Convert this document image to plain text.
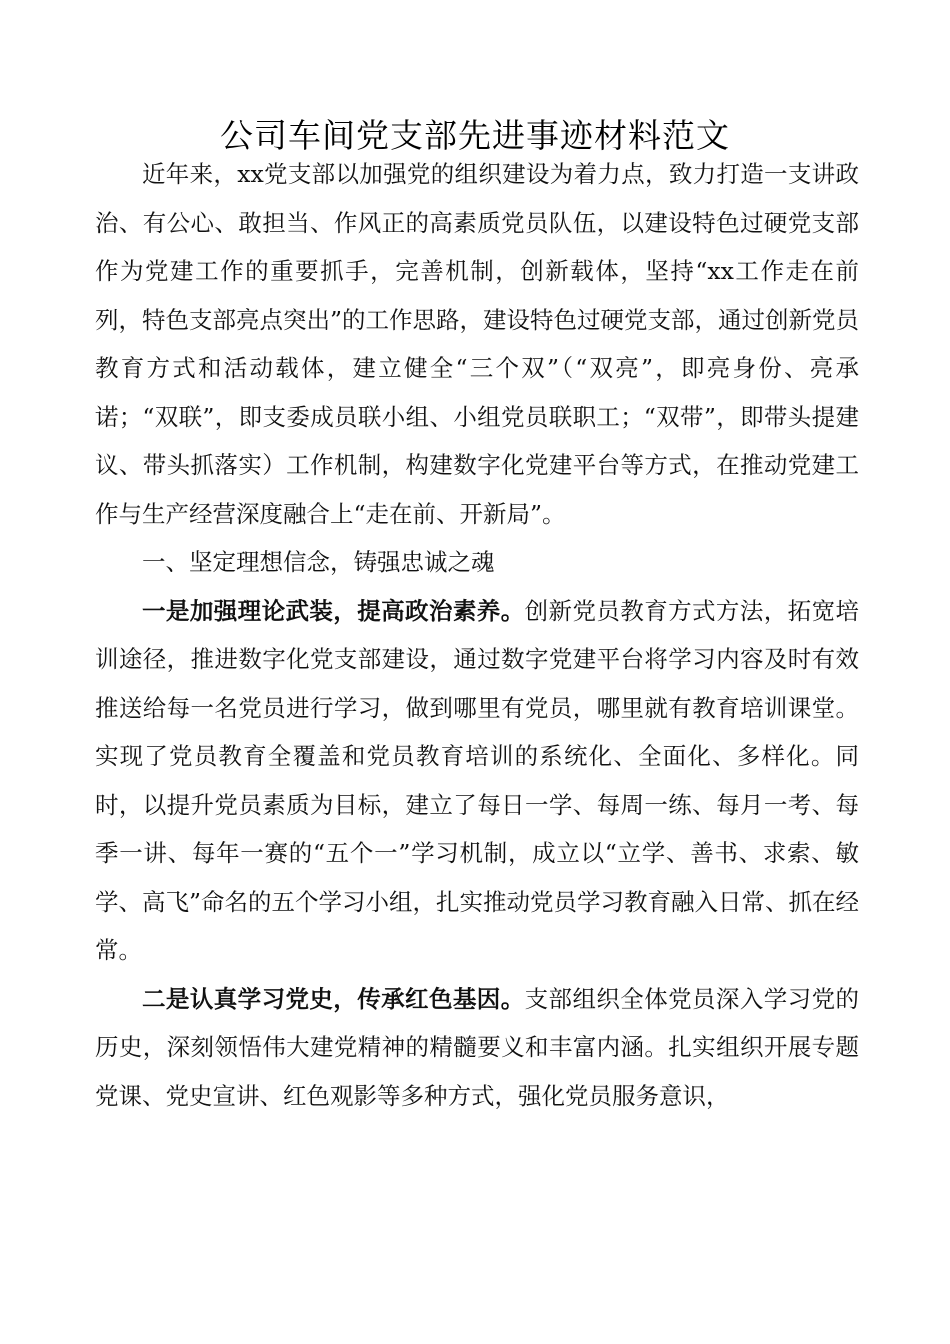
公司车间党支部先进事迹材料范文

近年来，xx党支部以加强党的组织建设为着力点，致力打造一支讲政治、有公心、敢担当、作风正的高素质党员队伍，以建设特色过硬党支部作为党建工作的重要抓手，完善机制，创新载体，坚持“xx工作走在前列，特色支部亮点突出”的工作思路，建设特色过硬党支部，通过创新党员教育方式和活动载体，建立健全“三个双”（“双亮”，即亮身份、亮承诺；“双联”，即支委成员联小组、小组党员联职工；“双带”，即带头提建议、带头抓落实）工作机制，构建数字化党建平台等方式，在推动党建工作与生产经营深度融合上“走在前、开新局”。

一、坚定理想信念，铸强忠诚之魂

一是加强理论武装，提高政治素养。创新党员教育方式方法，拓宽培训途径，推进数字化党支部建设，通过数字党建平台将学习内容及时有效推送给每一名党员进行学习，做到哪里有党员，哪里就有教育培训课堂。实现了党员教育全覆盖和党员教育培训的系统化、全面化、多样化。同时，以提升党员素质为目标，建立了每日一学、每周一练、每月一考、每季一讲、每年一赛的“五个一”学习机制，成立以“立学、善书、求索、敏学、高飞”命名的五个学习小组，扎实推动党员学习教育融入日常、抓在经常。

二是认真学习党史，传承红色基因。支部组织全体党员深入学习党的历史，深刻领悟伟大建党精神的精髓要义和丰富内涵。扎实组织开展专题党课、党史宣讲、红色观影等多种方式，强化党员服务意识，
